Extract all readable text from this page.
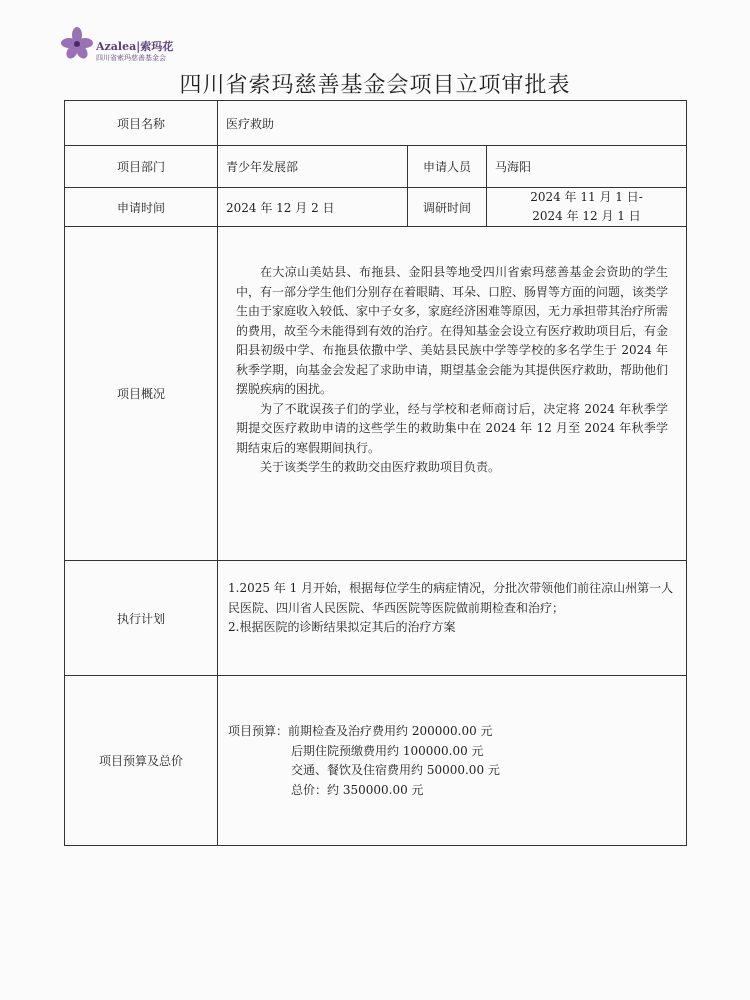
Azalea|索玛花
四川省索玛慈善基金会
四川省索玛慈善基金会项目立项审批表
项目名称	医疗救助		
项目部门	青少年发展部	申请人员	马海阳
申请时间	2024 年 12 月 2 日	调研时间	2024 年 11 月 1 日-
2024 年 12 月 1 日

项目概况	在大凉山美姑县、布拖县、金阳县等地受四川省索玛慈善基金会资助的学生中，有一部分学生他们分别存在着眼睛、耳朵、口腔、肠胃等方面的问题，该类学生由于家庭收入较低、家中子女多，家庭经济困难等原因，无力承担带其治疗所需的费用，故至今未能得到有效的治疗。在得知基金会设立有医疗救助项目后，有金阳县初级中学、布拖县依撒中学、美姑县民族中学等学校的多名学生于 2024 年秋季学期，向基金会发起了求助申请，期望基金会能为其提供医疗救助，帮助他们摆脱疾病的困扰。

为了不耽误孩子们的学业，经与学校和老师商讨后，决定将 2024 年秋季学期提交医疗救助申请的这些学生的救助集中在 2024 年 12 月至 2024 年秋季学期结束后的寒假期间执行。

关于该类学生的救助交由医疗救助项目负责。		

执行计划	1.2025 年 1 月开始，根据每位学生的病症情况，分批次带领他们前往凉山州第一人民医院、四川省人民医院、华西医院等医院做前期检查和治疗；

2.根据医院的诊断结果拟定其后的治疗方案		

项目预算及总价	项目预算：前期检查及治疗费用约 200000.00 元
后期住院预缴费用约 100000.00 元
交通、餐饮及住宿费用约 50000.00 元
总价：约 350000.00 元		
